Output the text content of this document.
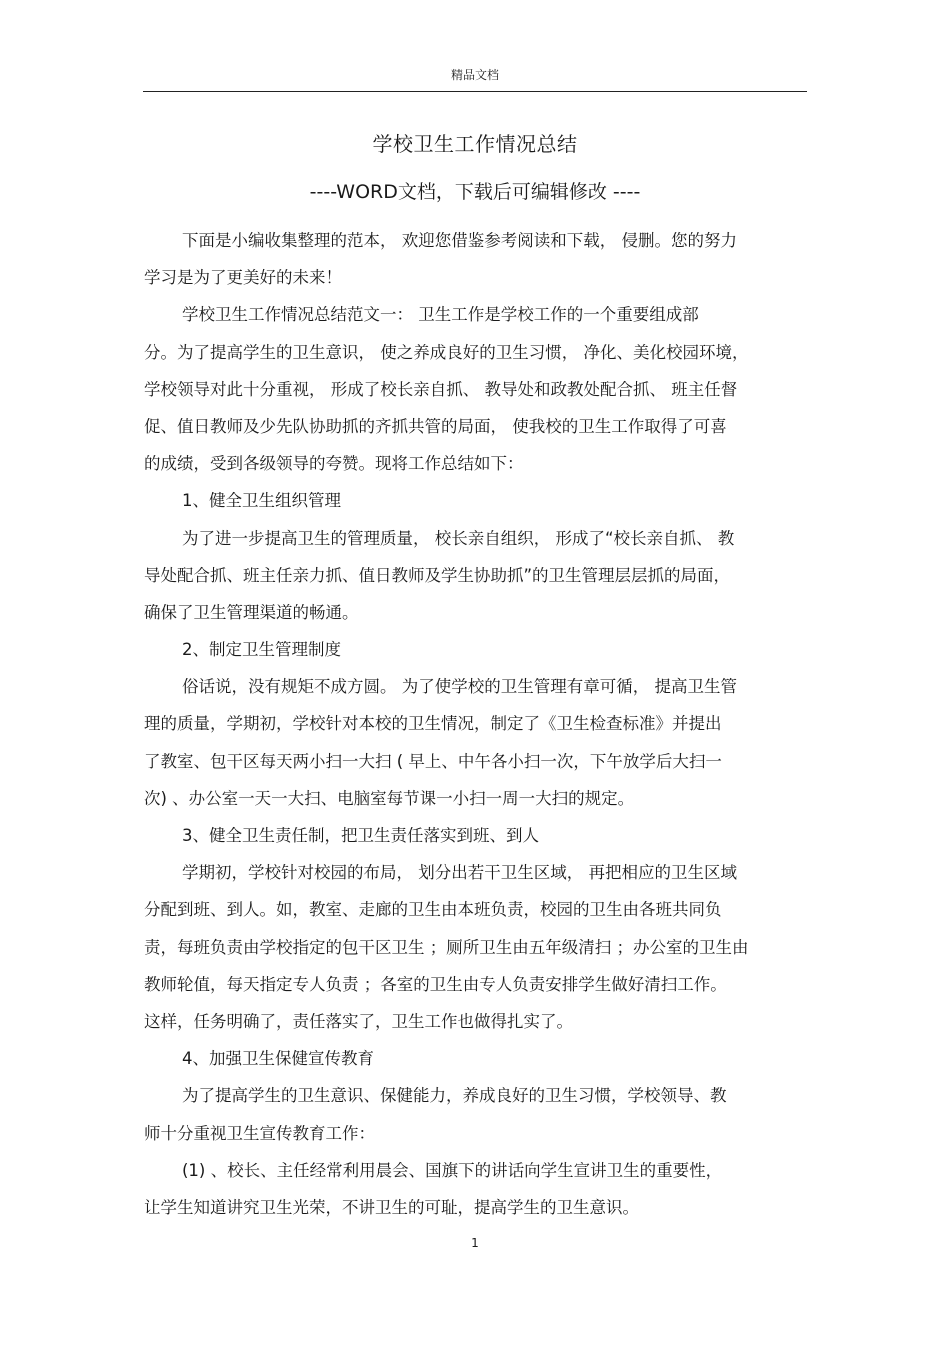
精品文档
学校卫生工作情况总结
----WORD文档，下载后可编辑修改 ----
下面是小编收集整理的范本， 欢迎您借鉴参考阅读和下载， 侵删。您的努力
学习是为了更美好的未来！
学校卫生工作情况总结范文一： 卫生工作是学校工作的一个重要组成部
分。为了提高学生的卫生意识， 使之养成良好的卫生习惯， 净化、美化校园环境，
学校领导对此十分重视， 形成了校长亲自抓、 教导处和政教处配合抓、 班主任督
促、值日教师及少先队协助抓的齐抓共管的局面， 使我校的卫生工作取得了可喜
的成绩，受到各级领导的夸赞。现将工作总结如下：
1、健全卫生组织管理
为了进一步提高卫生的管理质量， 校长亲自组织， 形成了“校长亲自抓、 教
导处配合抓、班主任亲力抓、值日教师及学生协助抓”的卫生管理层层抓的局面，
确保了卫生管理渠道的畅通。
2、制定卫生管理制度
俗话说，没有规矩不成方圆。 为了使学校的卫生管理有章可循， 提高卫生管
理的质量，学期初，学校针对本校的卫生情况，制定了《卫生检查标准》并提出
了教室、包干区每天两小扫一大扫 ( 早上、中午各小扫一次，下午放学后大扫一
次) 、办公室一天一大扫、电脑室每节课一小扫一周一大扫的规定。
3、健全卫生责任制，把卫生责任落实到班、到人
学期初，学校针对校园的布局， 划分出若干卫生区域， 再把相应的卫生区域
分配到班、到人。如，教室、走廊的卫生由本班负责，校园的卫生由各班共同负
责，每班负责由学校指定的包干区卫生 ；厕所卫生由五年级清扫 ；办公室的卫生由
教师轮值，每天指定专人负责 ；各室的卫生由专人负责安排学生做好清扫工作。
这样，任务明确了，责任落实了，卫生工作也做得扎实了。
4、加强卫生保健宣传教育
为了提高学生的卫生意识、保健能力，养成良好的卫生习惯，学校领导、教
师十分重视卫生宣传教育工作：
(1) 、校长、主任经常利用晨会、国旗下的讲话向学生宣讲卫生的重要性，
让学生知道讲究卫生光荣，不讲卫生的可耻，提高学生的卫生意识。
1
